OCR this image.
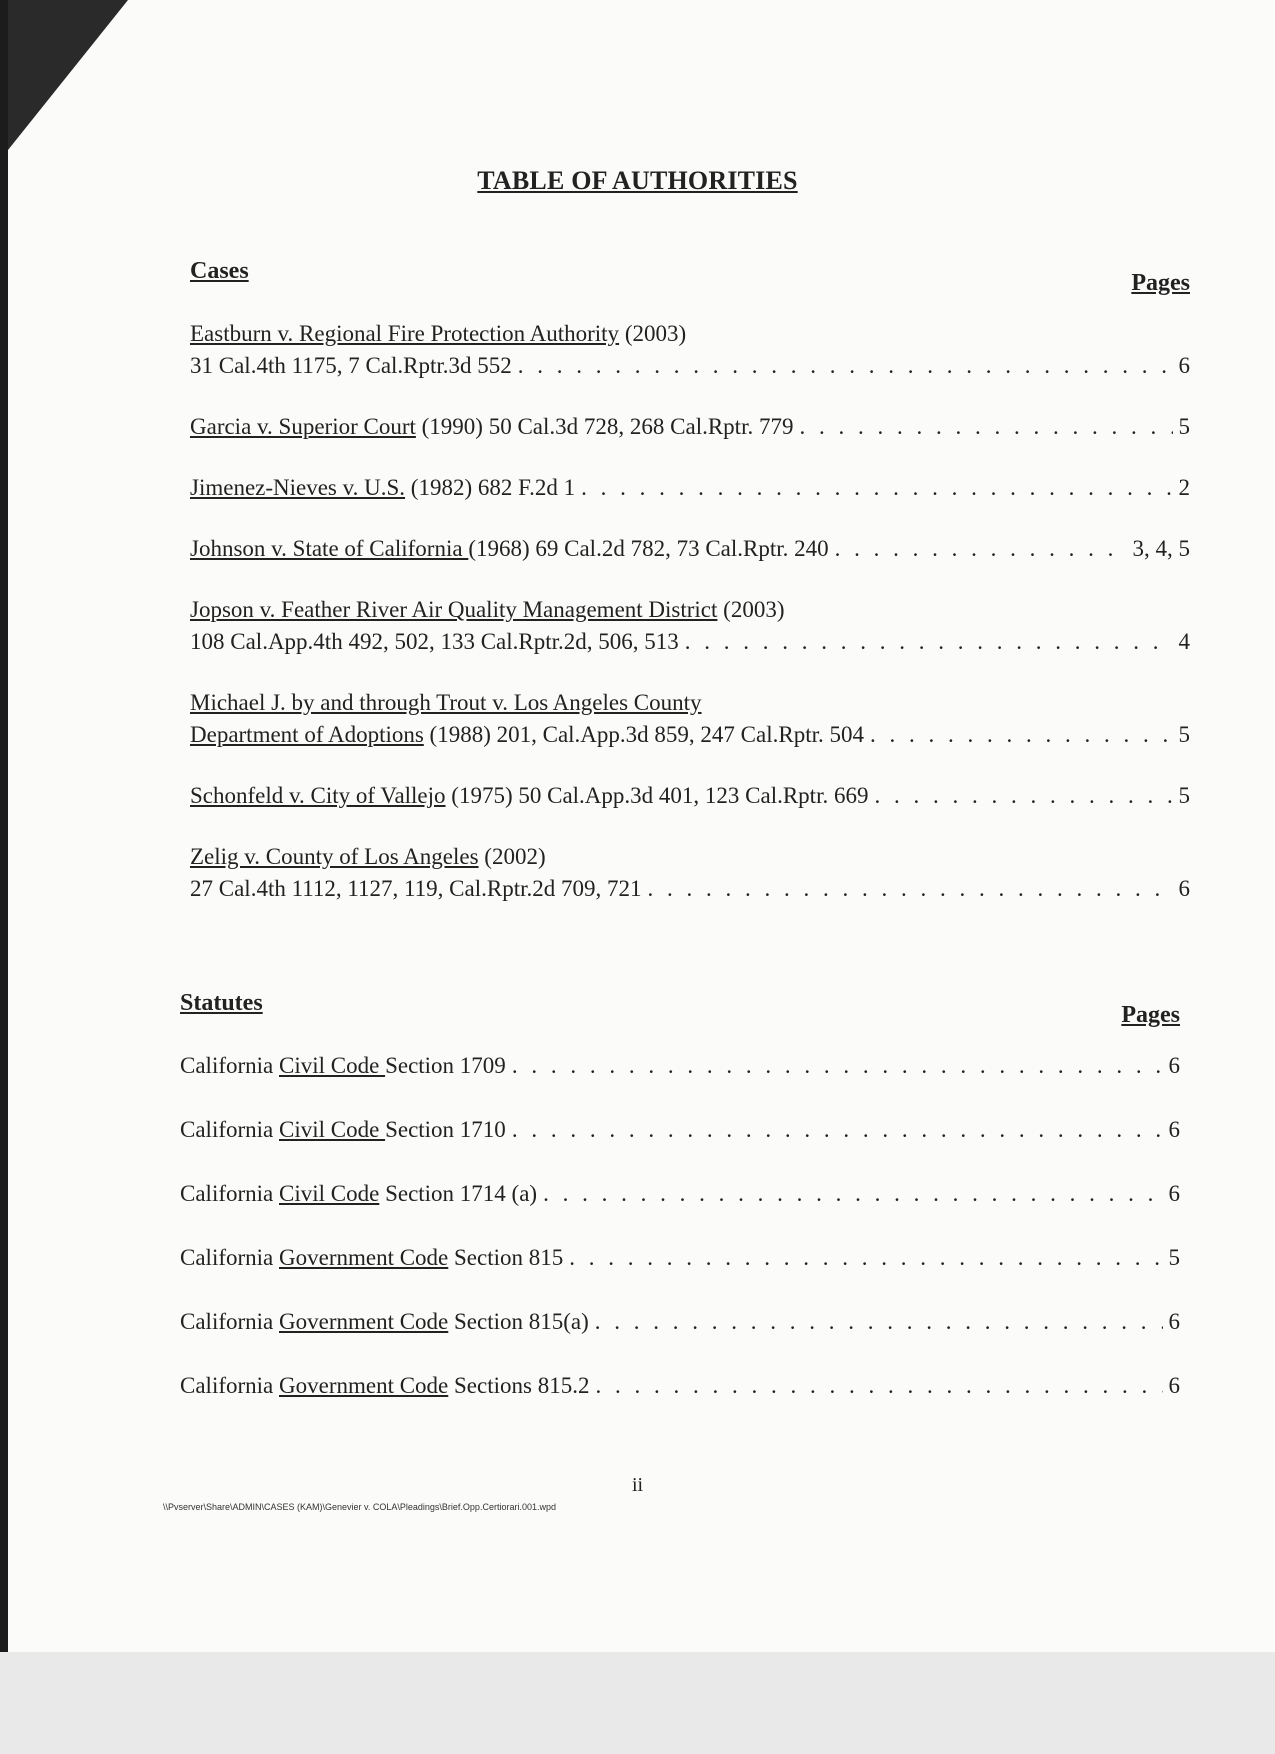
TABLE OF AUTHORITIES
Cases	Pages
Eastburn v. Regional Fire Protection Authority (2003)
31 Cal.4th 1175, 7 Cal.Rptr.3d 552 . . .	6
Garcia v. Superior Court (1990) 50 Cal.3d 728, 268 Cal.Rptr. 779 . . .	5
Jimenez-Nieves v. U.S. (1982) 682 F.2d 1 . . .	2
Johnson v. State of California (1968) 69 Cal.2d 782, 73 Cal.Rptr. 240 . . .	3, 4, 5
Jopson v. Feather River Air Quality Management District (2003)
108 Cal.App.4th 492, 502, 133 Cal.Rptr.2d, 506, 513 . . .	4
Michael J. by and through Trout v. Los Angeles County
Department of Adoptions (1988) 201, Cal.App.3d 859, 247 Cal.Rptr. 504 . . .	5
Schonfeld v. City of Vallejo (1975) 50 Cal.App.3d 401, 123 Cal.Rptr. 669 . . .	5
Zelig v. County of Los Angeles (2002)
27 Cal.4th 1112, 1127, 119, Cal.Rptr.2d 709, 721 . . .	6
Statutes	Pages
California Civil Code Section 1709 . . .	6
California Civil Code Section 1710 . . .	6
California Civil Code Section 1714 (a) . . .	6
California Government Code Section 815 . . .	5
California Government Code Section 815(a) . . .	6
California Government Code Sections 815.2 . . .	6
ii
\\Pvserver\Share\ADMIN\CASES (KAM)\Genevier v. COLA\Pleadings\Brief.Opp.Certiorari.001.wpd
